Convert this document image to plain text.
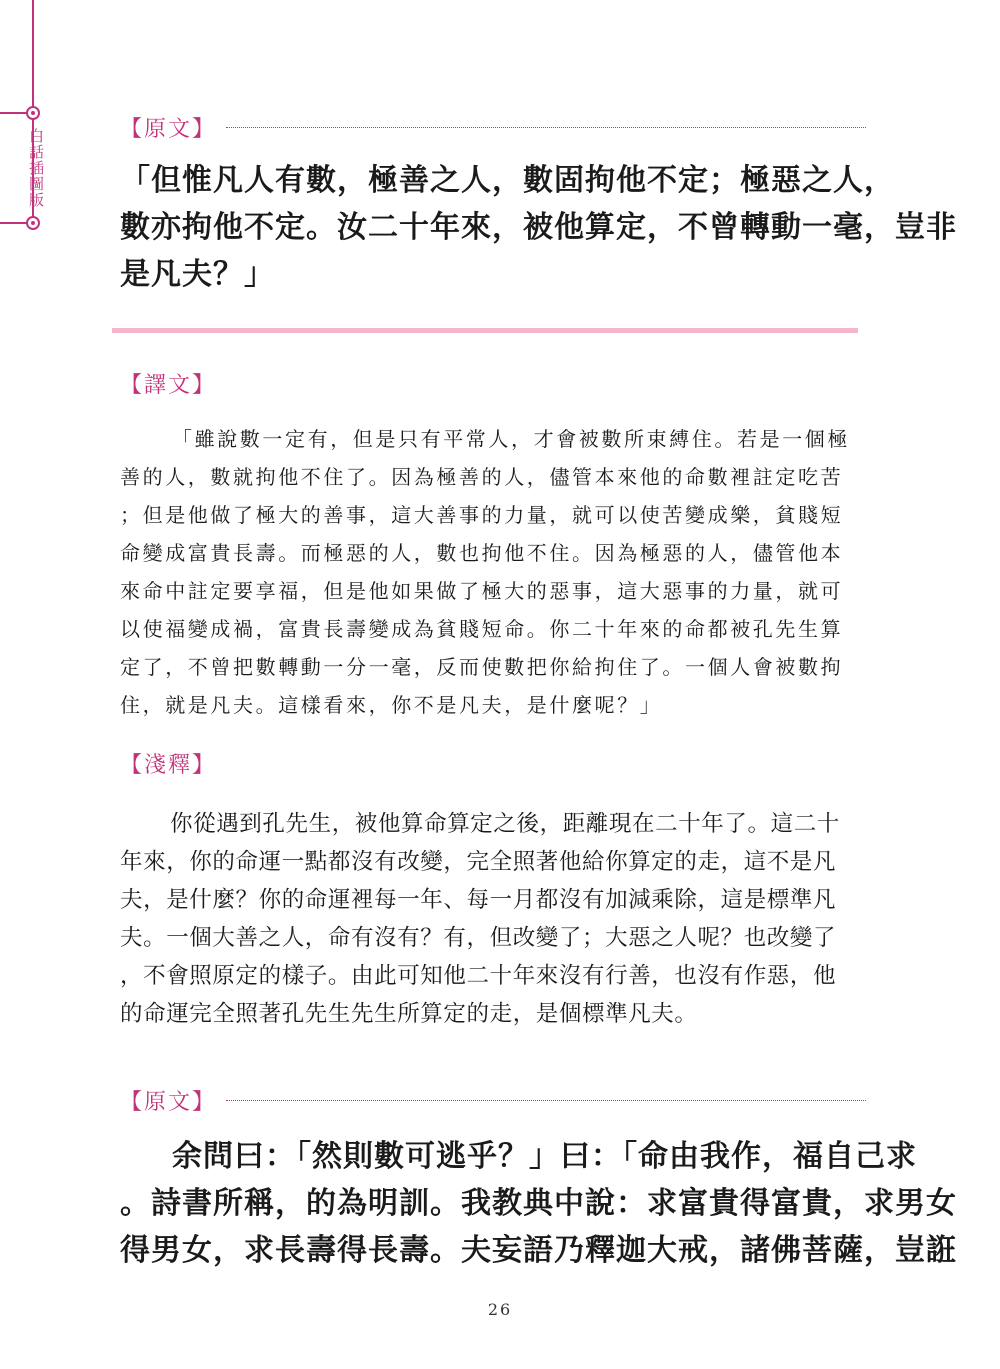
白話插圖版	【原文】
「但惟凡人有數，極善之人，數固拘他不定；極惡之人，
數亦拘他不定。汝二十年來，被他算定，不曾轉動一毫，豈非
是凡夫？」
【譯文】
「雖說數一定有，但是只有平常人，才會被數所束縛住。若是一個極
善的人，數就拘他不住了。因為極善的人，儘管本來他的命數裡註定吃苦
；但是他做了極大的善事，這大善事的力量，就可以使苦變成樂，貧賤短
命變成富貴長壽。而極惡的人，數也拘他不住。因為極惡的人，儘管他本
來命中註定要享福，但是他如果做了極大的惡事，這大惡事的力量，就可
以使福變成禍，富貴長壽變成為貧賤短命。你二十年來的命都被孔先生算
定了，不曾把數轉動一分一毫，反而使數把你給拘住了。一個人會被數拘
住，就是凡夫。這樣看來，你不是凡夫，是什麼呢？」
【淺釋】
你從遇到孔先生，被他算命算定之後，距離現在二十年了。這二十
年來，你的命運一點都沒有改變，完全照著他給你算定的走，這不是凡
夫，是什麼？你的命運裡每一年、每一月都沒有加減乘除，這是標準凡
夫。一個大善之人，命有沒有？有，但改變了；大惡之人呢？也改變了
，不會照原定的樣子。由此可知他二十年來沒有行善，也沒有作惡，他
的命運完全照著孔先生先生所算定的走，是個標準凡夫。
【原文】
余問曰：「然則數可逃乎？」曰：「命由我作，福自己求
。詩書所稱，的為明訓。我教典中說：求富貴得富貴，求男女
得男女，求長壽得長壽。夫妄語乃釋迦大戒，諸佛菩薩，豈誑
26
